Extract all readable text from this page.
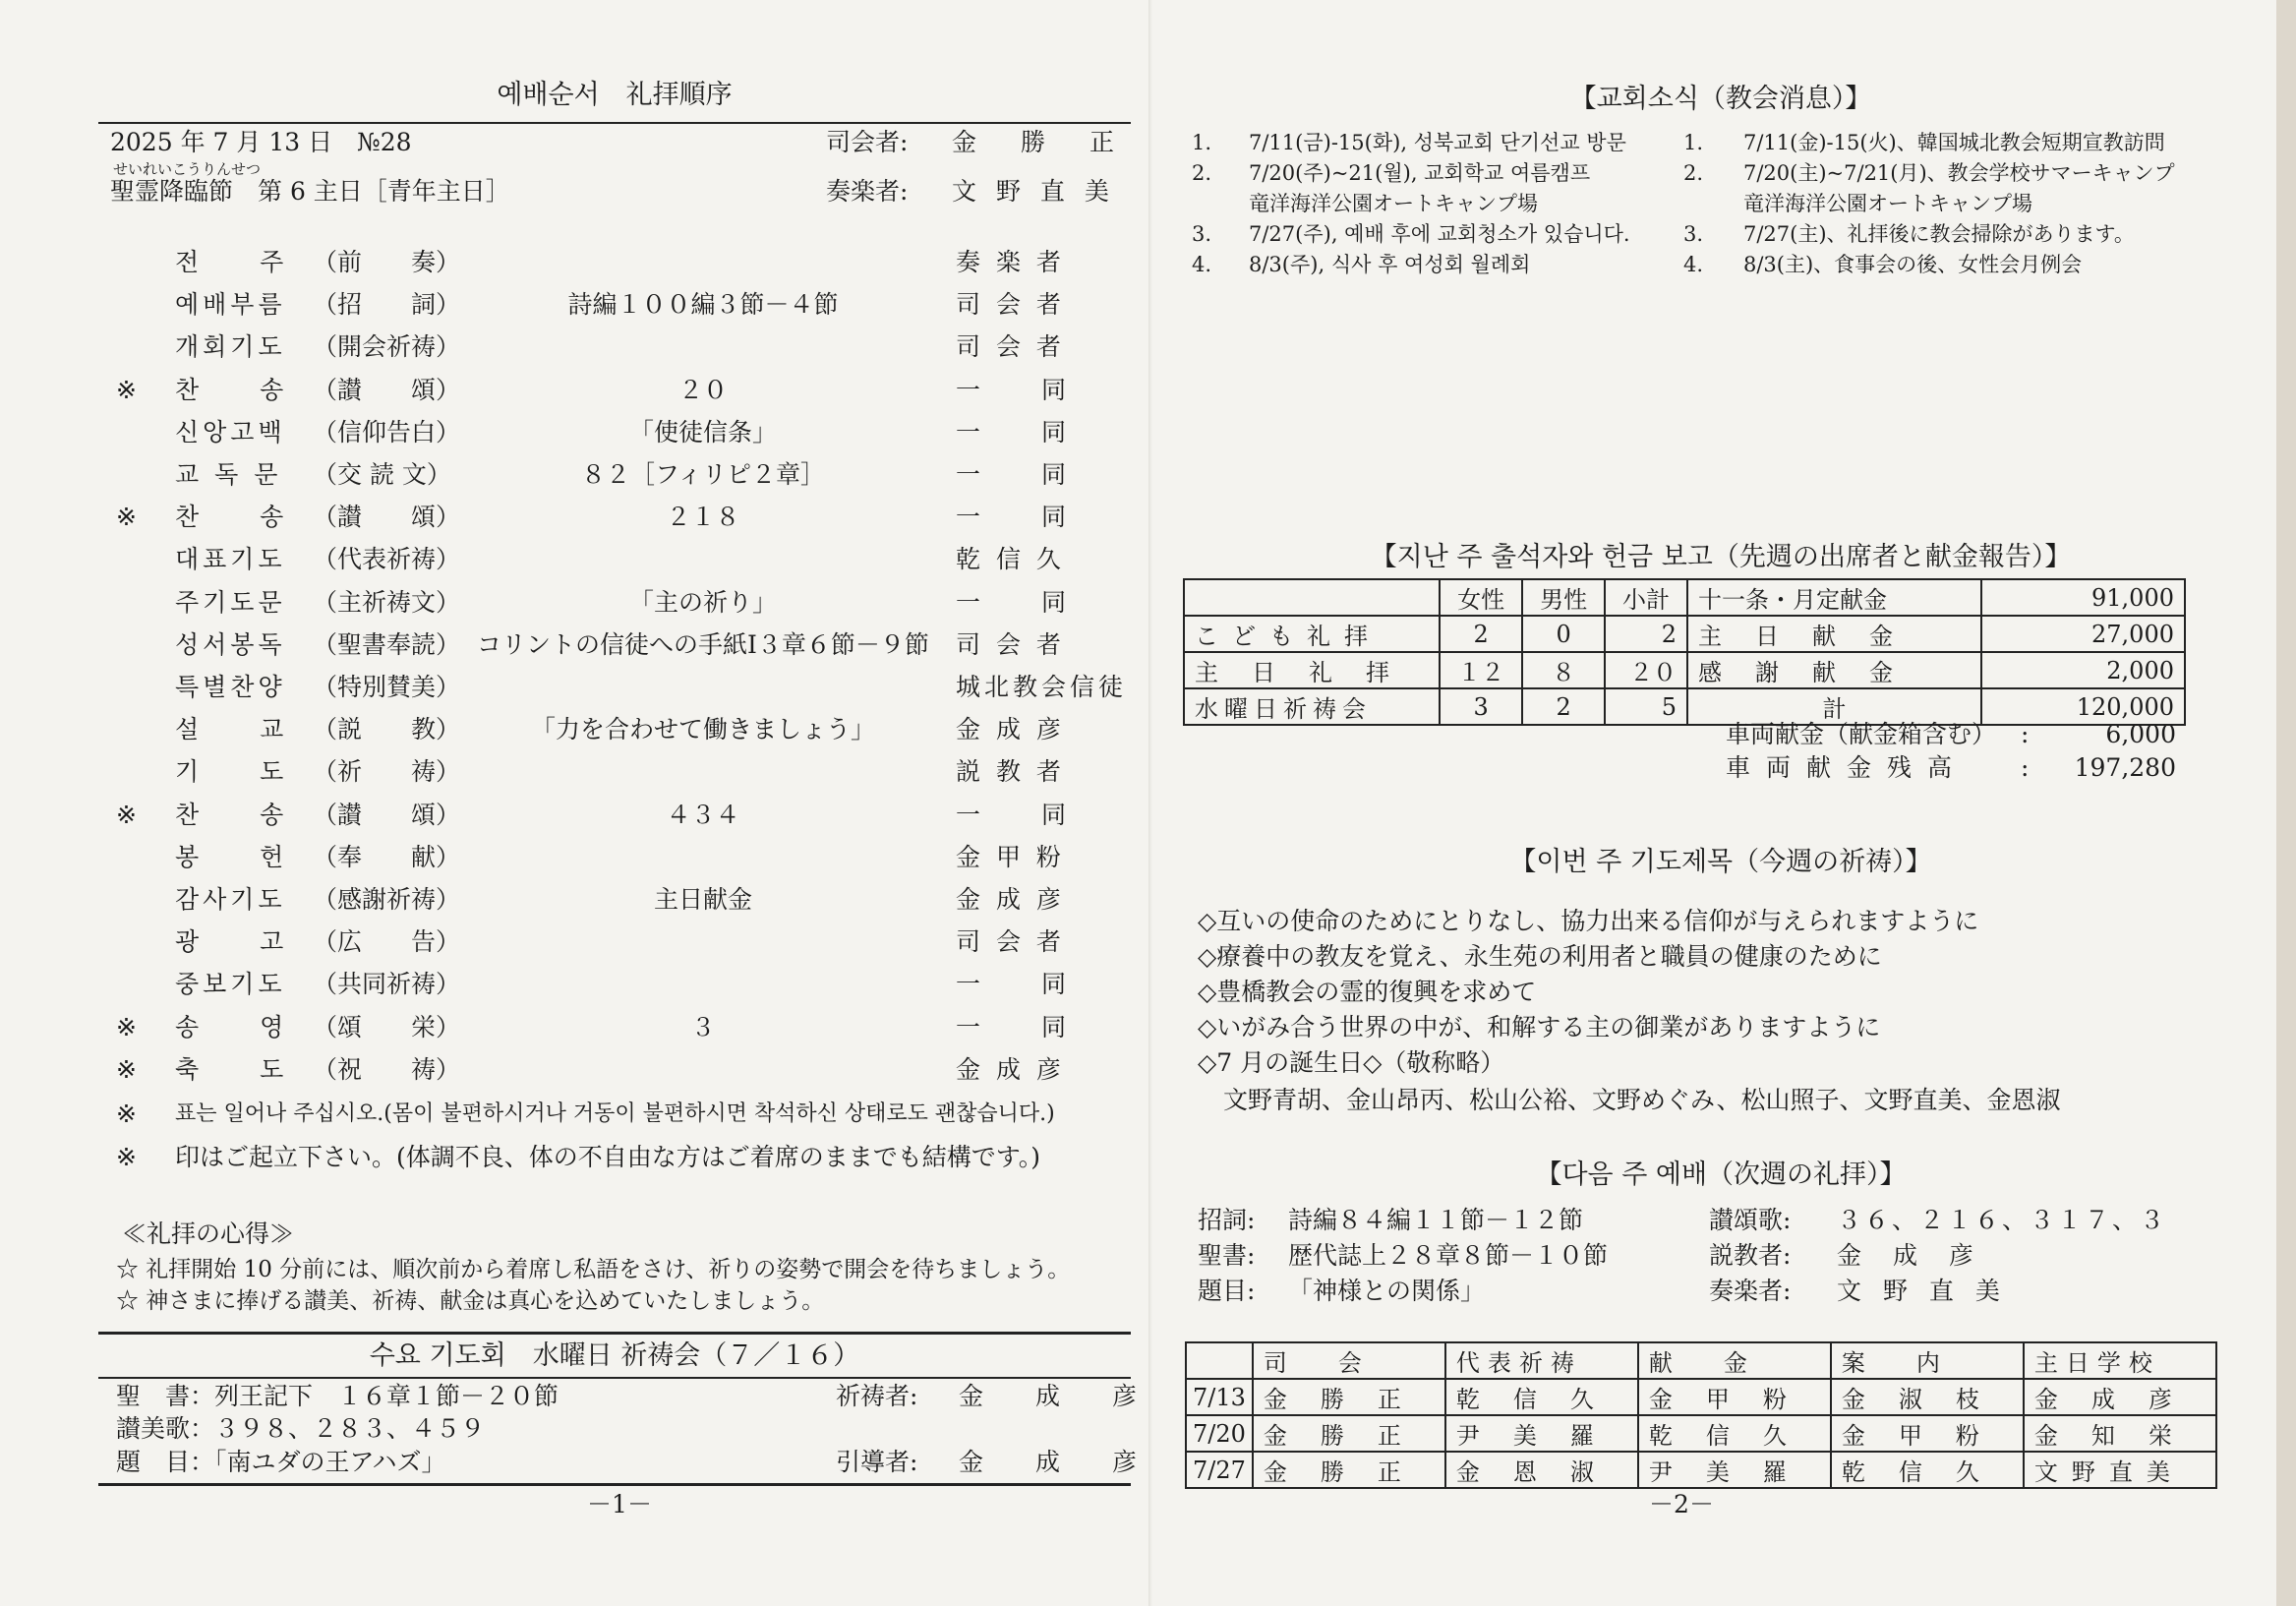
예배순서　礼拝順序
2025 年 7 月 13 日　№28	司会者: 金　勝　正
せいれいこうりんせつ
聖霊降臨節　第 6 主日［青年主日］	奏楽者: 文 野 直 美
전　　주 （前　　奏）	奏 楽 者
예배부름 （招　　詞）	詩編１００編３節－４節	司 会 者
개회기도 （開会祈祷）	司 会 者
※ 찬　　송 （讃　　頌）	２０	一　　同
신앙고백 （信仰告白）	「使徒信条」	一　　同
교 독 문 （交 読 文）	８２［フィリピ２章］	一　　同
※ 찬　　송 （讃　　頌）	２１８	一　　同
대표기도 （代表祈祷）	乾 信 久
주기도문 （主祈祷文）	「主の祈り」	一　　同
성서봉독 （聖書奉読） コリントの信徒への手紙Ⅰ３章６節－９節	司 会 者
특별찬양 （特別賛美）	城北教会信徒
설　　교 （説　　教）	「力を合わせて働きましょう」	金 成 彦
기　　도 （祈　　祷）	説 教 者
※ 찬　　송 （讃　　頌）	４３４	一　　同
봉　　헌 （奉　　献）	金 甲 粉
감사기도 （感謝祈祷）	主日献金	金 成 彦
광　　고 （広　　告）	司 会 者
중보기도 （共同祈祷）	一　　同
※ 송　　영 （頌　　栄）	３	一　　同
※ 축　　도 （祝　　祷）	金 成 彦
※ 표는 일어나 주십시오.(몸이 불편하시거나 거동이 불편하시면 착석하신 상태로도 괜찮습니다.)
※ 印はご起立下さい。(体調不良、体の不自由な方はご着席のままでも結構です。)
≪礼拝の心得≫
☆ 礼拝開始 10 分前には、順次前から着席し私語をさけ、祈りの姿勢で開会を待ちましょう。
☆ 神さまに捧げる讃美、祈祷、献金は真心を込めていたしましょう。
수요 기도회　水曜日 祈祷会（７／１６）
聖　書：列王記下　１６章１節－２０節	祈祷者: 金　成　彦
讃美歌：３９８、２８３、４５９
題　目：｢南ユダの王アハズ｣	引導者: 金　成　彦
－1－
【교회소식（教会消息）】
1. 7/11(금)-15(화), 성북교회 단기선교 방문
2. 7/20(주)~21(월), 교회학교 여름캠프
竜洋海洋公園オートキャンプ場
3. 7/27(주), 예배 후에 교회청소가 있습니다.
4. 8/3(주), 식사 후 여성회 월례회
1. 7/11(金)-15(火)、韓国城北教会短期宣教訪問
2. 7/20(主)~7/21(月)、教会学校サマーキャンプ
竜洋海洋公園オートキャンプ場
3. 7/27(主)、礼拝後に教会掃除があります。
4. 8/3(主)、食事会の後、女性会月例会
【지난 주 출석자와 헌금 보고（先週の出席者と献金報告）】
	女性	男性	小計	十一条・月定献金	91,000
こども礼拝	2	0	2	主日献金	27,000
主日礼拝	１２	８	２０	感謝献金	2,000
水曜日祈祷会	3	2	5	計	120,000
車両献金（献金箱含む） :	6,000
車両献金残高 :	197,280
【이번 주 기도제목（今週の祈祷）】
◇互いの使命のためにとりなし、協力出来る信仰が与えられますように
◇療養中の教友を覚え、永生苑の利用者と職員の健康のために
◇豊橋教会の霊的復興を求めて
◇いがみ合う世界の中が、和解する主の御業がありますように
◇7 月の誕生日◇（敬称略）
文野青胡、金山昂丙、松山公裕、文野めぐみ、松山照子、文野直美、金恩淑
【다음 주 예배（次週の礼拝）】
招詞: 詩編８４編１１節－１２節	讃頌歌: ３６、２１６、３１７、３
聖書: 歴代誌上２８章８節－１０節	説教者: 金 成 彦
題目: 「神様との関係」	奏楽者: 文 野 直 美
	司会	代表祈祷	献金	案内	主日学校
7/13	金勝正	乾信久	金甲粉	金淑枝	金成彦
7/20	金勝正	尹美羅	乾信久	金甲粉	金知栄
7/27	金勝正	金恩淑	尹美羅	乾信久	文野直美
－2－
